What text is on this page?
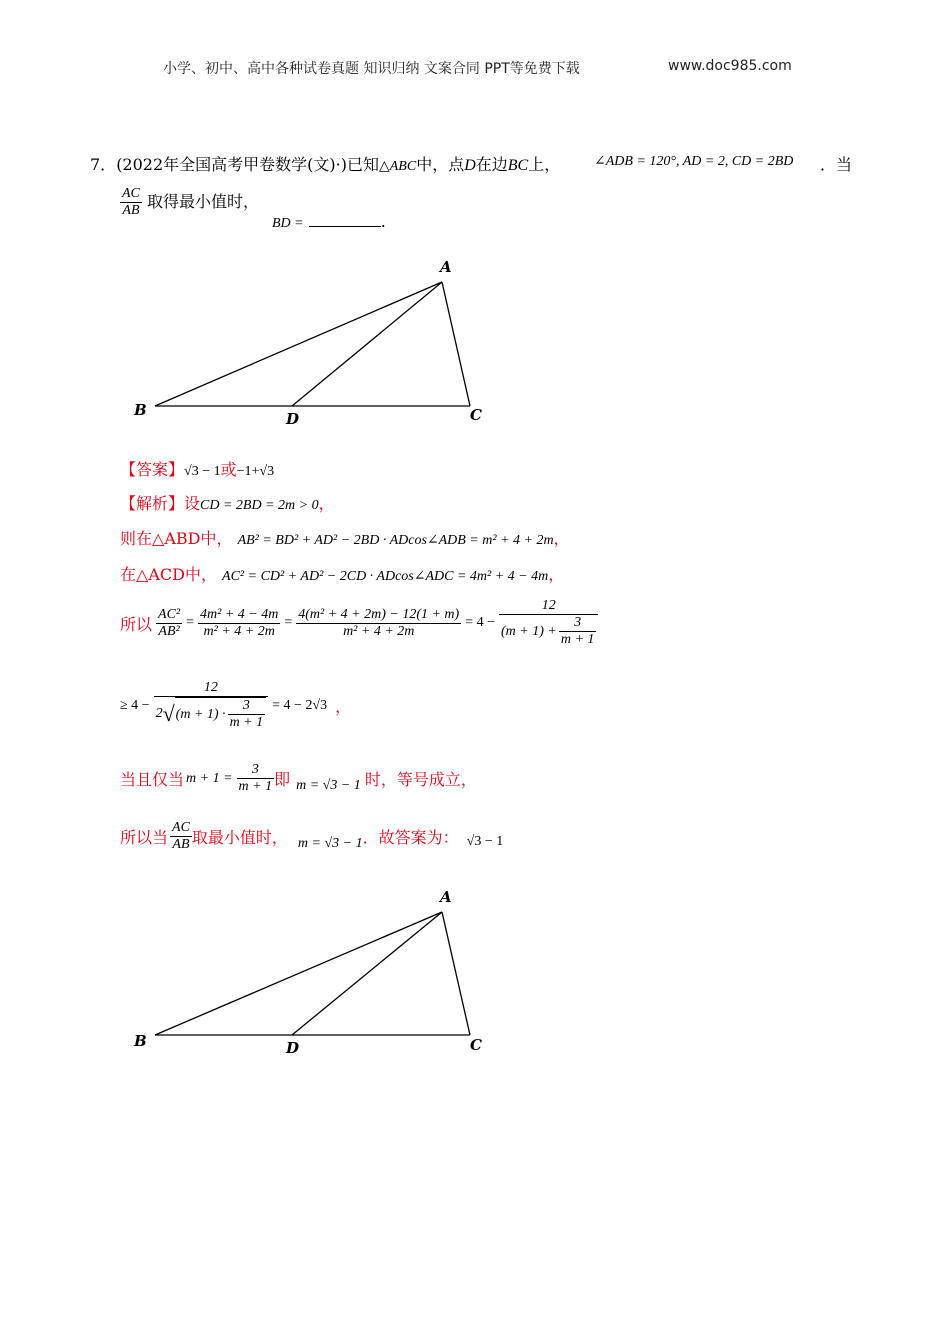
小学、初中、高中各种试卷真题 知识归纳 文案合同 PPT等免费下载	www.doc985.com
7．(2022年全国高考甲卷数学(文)·)已知△ABC中，点D在边BC上， ∠ADB = 120°, AD = 2, CD = 2BD ．当
$\frac{AC}{AB}$ 取得最小值时，
BD =	.
A
B	C
D
【答案】√3 − 1或−1+√3
【解析】设CD = 2BD = 2m > 0，
则在△ABD中， AB² = BD² + AD² − 2BD · ADcos∠ADB = m² + 4 + 2m，
在△ACD中， AC² = CD² + AD² − 2CD · ADcos∠ADC = 4m² + 4 − 4m，
所以 $\frac{\text{AC²}}{\text{AB²}} = \frac{\text{4m² + 4 − 4m}}{\text{m² + 4 + 2m}} = \frac{\text{4(m² + 4 + 2m) − 12(1 + m)}}{\text{m² + 4 + 2m}} = 4 - \frac{12}{(m + 1) + \frac{3}{m + 1}}$
≥ $4 - \frac{12}{2 √ (m + 1) \cdot \frac{3}{m + 1}} = 4 - 2√3$ ，
当且仅当 $m + 1 = \frac{3}{m + 1}$ 即 m = √3 − 1 时，等号成立，
所以当 $\frac{AC}{AB}$ 取最小值时， m = √3 − 1 ．故答案为： √3 − 1
A
B	C
D
